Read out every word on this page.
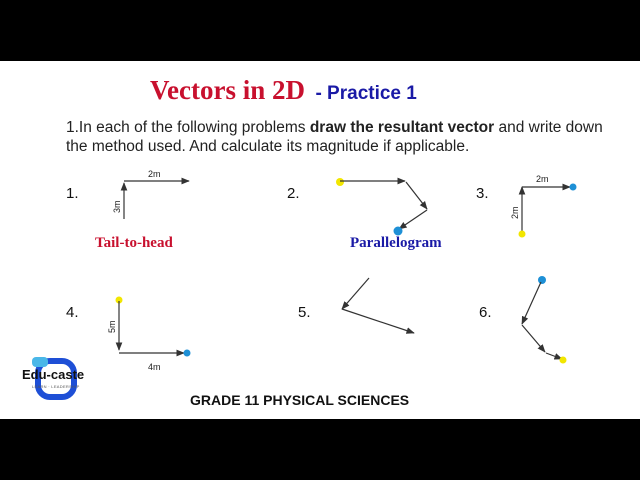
Vectors in 2D - Practice 1
1.In each of the following problems draw the resultant vector and write down the method used. And calculate its magnitude if applicable.
1.	2.	3.
4.	5.	6.
Tail-to-head	Parallelogram
2m
3m
2m
2m
5m
4m
Edu-caste
LEARN · LEADERSHIP
GRADE 11 PHYSICAL SCIENCES
